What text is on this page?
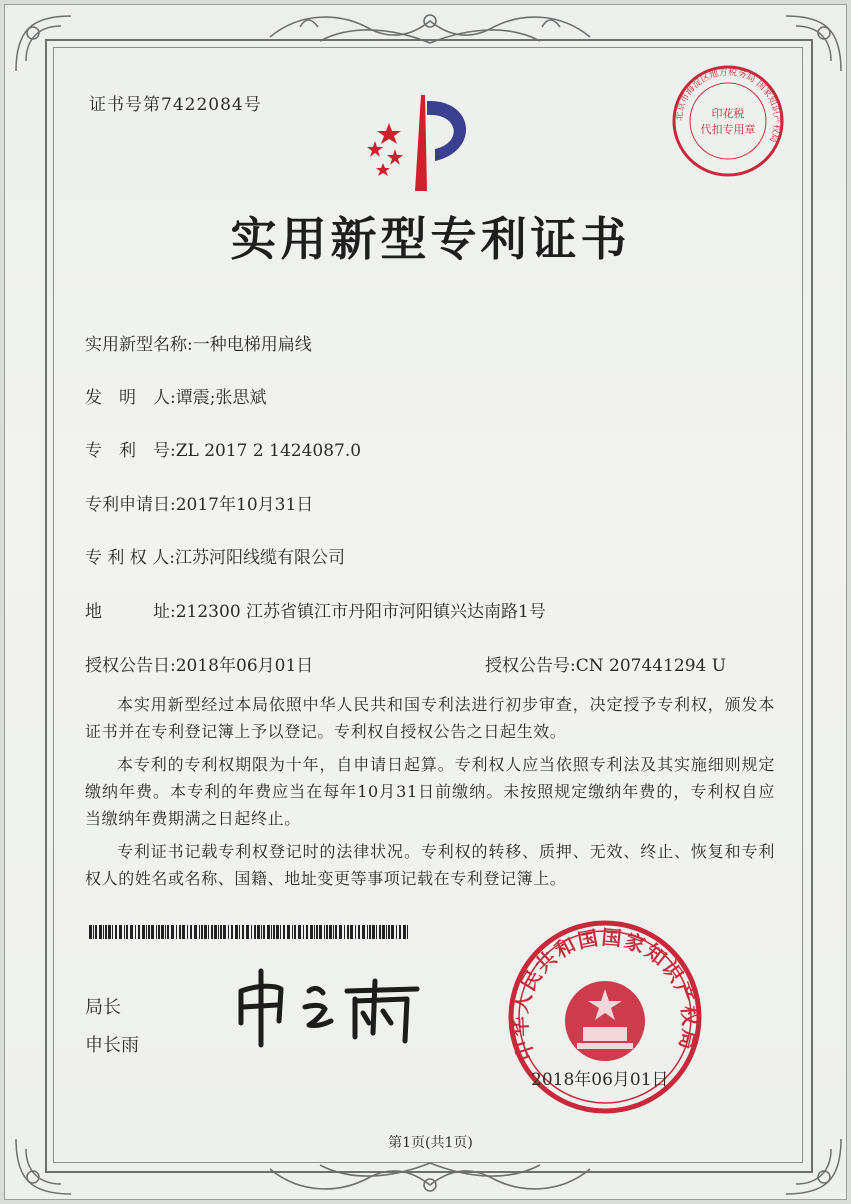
证书号第7422084号
北京市海淀区地方税务局 国家知识产权局
印花税
代扣专用章
实用新型专利证书
实用新型名称:一种电梯用扁线
发　明　人:谭震;张思斌
专　利　号:ZL 2017 2 1424087.0
专利申请日:2017年10月31日
专 利 权 人:江苏河阳线缆有限公司
地　　　址:212300 江苏省镇江市丹阳市河阳镇兴达南路1号
授权公告日:2018年06月01日	授权公告号:CN 207441294 U

本实用新型经过本局依照中华人民共和国专利法进行初步审查，决定授予专利权，颁发本证书并在专利登记簿上予以登记。专利权自授权公告之日起生效。

本专利的专利权期限为十年，自申请日起算。专利权人应当依照专利法及其实施细则规定缴纳年费。本专利的年费应当在每年10月31日前缴纳。未按照规定缴纳年费的，专利权自应当缴纳年费期满之日起终止。

专利证书记载专利权登记时的法律状况。专利权的转移、质押、无效、终止、恢复和专利权人的姓名或名称、国籍、地址变更等事项记载在专利登记簿上。

局长
申长雨	中华人民共和国国家知识产权局
2018年06月01日
第1页(共1页)
